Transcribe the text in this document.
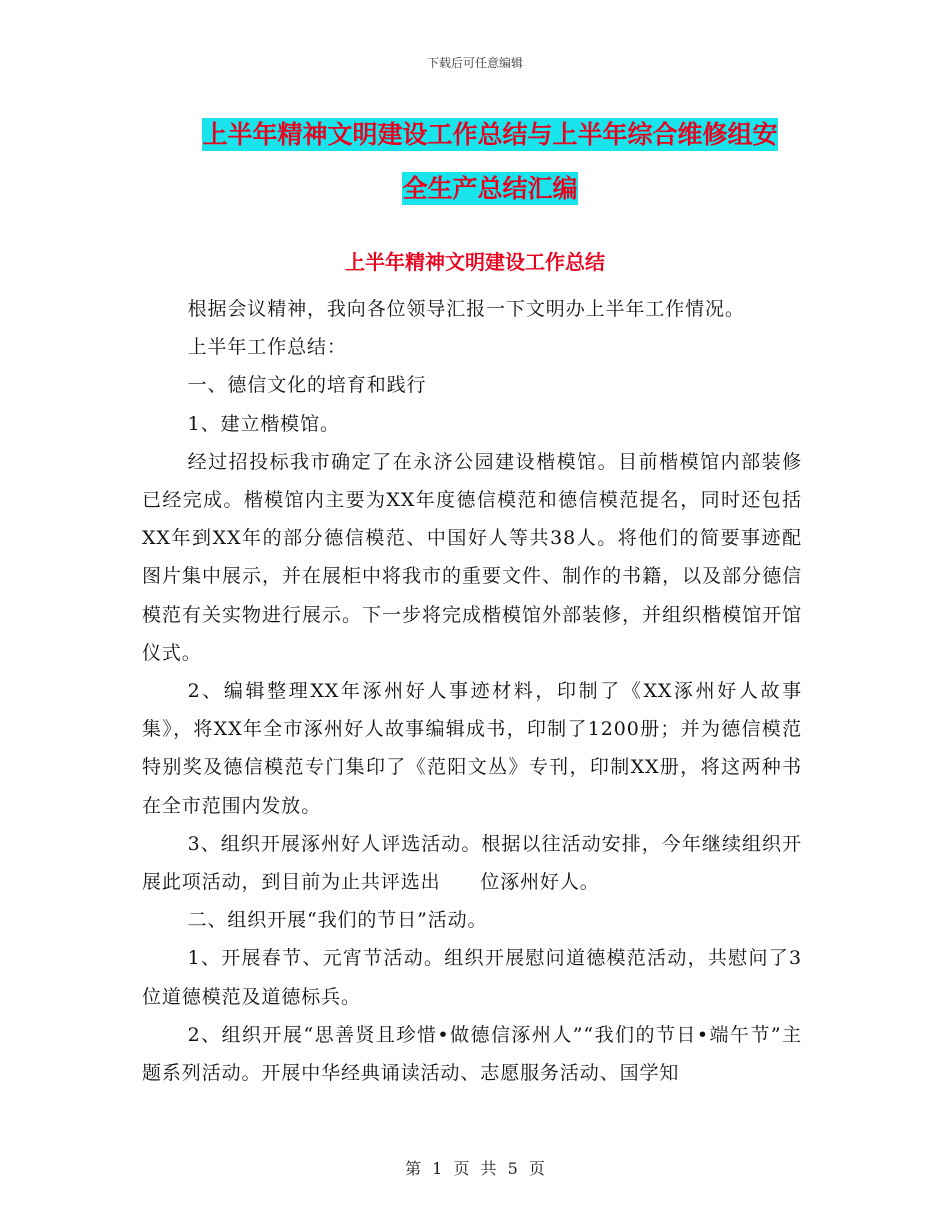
下载后可任意编辑
上半年精神文明建设工作总结与上半年综合维修组安
全生产总结汇编
上半年精神文明建设工作总结

根据会议精神，我向各位领导汇报一下文明办上半年工作情况。

上半年工作总结：

一、德信文化的培育和践行

1、建立楷模馆。

经过招投标我市确定了在永济公园建设楷模馆。目前楷模馆内部装修已经完成。楷模馆内主要为XX年度德信模范和德信模范提名，同时还包括XX年到XX年的部分德信模范、中国好人等共38人。将他们的简要事迹配图片集中展示，并在展柜中将我市的重要文件、制作的书籍，以及部分德信模范有关实物进行展示。下一步将完成楷模馆外部装修，并组织楷模馆开馆仪式。

2、编辑整理XX年涿州好人事迹材料，印制了《XX涿州好人故事集》，将XX年全市涿州好人故事编辑成书，印制了1200册；并为德信模范特别奖及德信模范专门集印了《范阳文丛》专刊，印制XX册，将这两种书在全市范围内发放。

3、组织开展涿州好人评选活动。根据以往活动安排，今年继续组织开展此项活动，到目前为止共评选出　　位涿州好人。

二、组织开展“我们的节日”活动。

1、开展春节、元宵节活动。组织开展慰问道德模范活动，共慰问了3位道德模范及道德标兵。

2、组织开展“思善贤且珍惜•做德信涿州人”“我们的节日•端午节”主题系列活动。开展中华经典诵读活动、志愿服务活动、国学知

第 1 页 共 5 页
